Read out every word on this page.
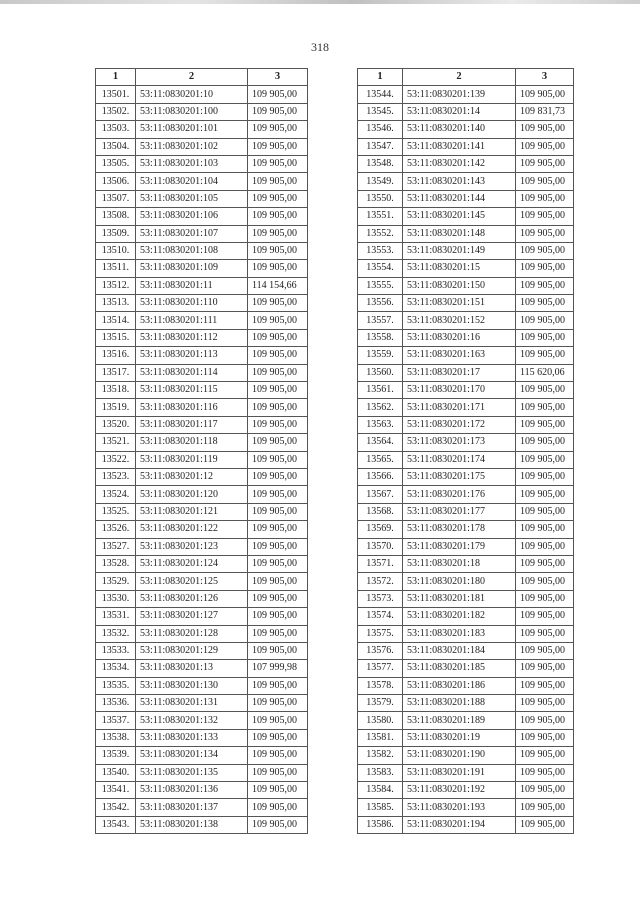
318
1	2	3
13501.	53:11:0830201:10	109 905,00
13502.	53:11:0830201:100	109 905,00
13503.	53:11:0830201:101	109 905,00
13504.	53:11:0830201:102	109 905,00
13505.	53:11:0830201:103	109 905,00
13506.	53:11:0830201:104	109 905,00
13507.	53:11:0830201:105	109 905,00
13508.	53:11:0830201:106	109 905,00
13509.	53:11:0830201:107	109 905,00
13510.	53:11:0830201:108	109 905,00
13511.	53:11:0830201:109	109 905,00
13512.	53:11:0830201:11	114 154,66
13513.	53:11:0830201:110	109 905,00
13514.	53:11:0830201:111	109 905,00
13515.	53:11:0830201:112	109 905,00
13516.	53:11:0830201:113	109 905,00
13517.	53:11:0830201:114	109 905,00
13518.	53:11:0830201:115	109 905,00
13519.	53:11:0830201:116	109 905,00
13520.	53:11:0830201:117	109 905,00
13521.	53:11:0830201:118	109 905,00
13522.	53:11:0830201:119	109 905,00
13523.	53:11:0830201:12	109 905,00
13524.	53:11:0830201:120	109 905,00
13525.	53:11:0830201:121	109 905,00
13526.	53:11:0830201:122	109 905,00
13527.	53:11:0830201:123	109 905,00
13528.	53:11:0830201:124	109 905,00
13529.	53:11:0830201:125	109 905,00
13530.	53:11:0830201:126	109 905,00
13531.	53:11:0830201:127	109 905,00
13532.	53:11:0830201:128	109 905,00
13533.	53:11:0830201:129	109 905,00
13534.	53:11:0830201:13	107 999,98
13535.	53:11:0830201:130	109 905,00
13536.	53:11:0830201:131	109 905,00
13537.	53:11:0830201:132	109 905,00
13538.	53:11:0830201:133	109 905,00
13539.	53:11:0830201:134	109 905,00
13540.	53:11:0830201:135	109 905,00
13541.	53:11:0830201:136	109 905,00
13542.	53:11:0830201:137	109 905,00
13543.	53:11:0830201:138	109 905,00
1	2	3
13544.	53:11:0830201:139	109 905,00
13545.	53:11:0830201:14	109 831,73
13546.	53:11:0830201:140	109 905,00
13547.	53:11:0830201:141	109 905,00
13548.	53:11:0830201:142	109 905,00
13549.	53:11:0830201:143	109 905,00
13550.	53:11:0830201:144	109 905,00
13551.	53:11:0830201:145	109 905,00
13552.	53:11:0830201:148	109 905,00
13553.	53:11:0830201:149	109 905,00
13554.	53:11:0830201:15	109 905,00
13555.	53:11:0830201:150	109 905,00
13556.	53:11:0830201:151	109 905,00
13557.	53:11:0830201:152	109 905,00
13558.	53:11:0830201:16	109 905,00
13559.	53:11:0830201:163	109 905,00
13560.	53:11:0830201:17	115 620,06
13561.	53:11:0830201:170	109 905,00
13562.	53:11:0830201:171	109 905,00
13563.	53:11:0830201:172	109 905,00
13564.	53:11:0830201:173	109 905,00
13565.	53:11:0830201:174	109 905,00
13566.	53:11:0830201:175	109 905,00
13567.	53:11:0830201:176	109 905,00
13568.	53:11:0830201:177	109 905,00
13569.	53:11:0830201:178	109 905,00
13570.	53:11:0830201:179	109 905,00
13571.	53:11:0830201:18	109 905,00
13572.	53:11:0830201:180	109 905,00
13573.	53:11:0830201:181	109 905,00
13574.	53:11:0830201:182	109 905,00
13575.	53:11:0830201:183	109 905,00
13576.	53:11:0830201:184	109 905,00
13577.	53:11:0830201:185	109 905,00
13578.	53:11:0830201:186	109 905,00
13579.	53:11:0830201:188	109 905,00
13580.	53:11:0830201:189	109 905,00
13581.	53:11:0830201:19	109 905,00
13582.	53:11:0830201:190	109 905,00
13583.	53:11:0830201:191	109 905,00
13584.	53:11:0830201:192	109 905,00
13585.	53:11:0830201:193	109 905,00
13586.	53:11:0830201:194	109 905,00
